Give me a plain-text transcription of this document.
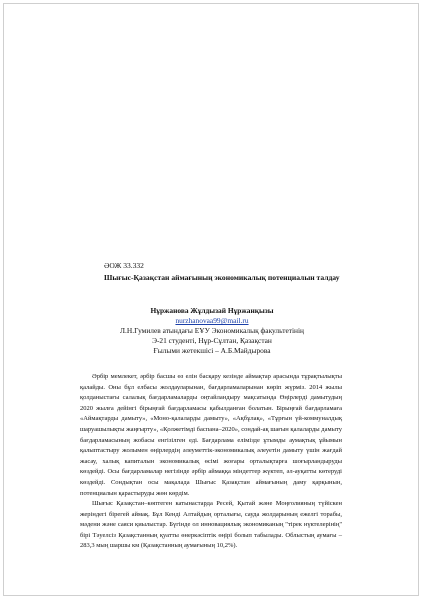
ӘОЖ 33.332
Шығыс-Қазақстан аймағының экономикалық потенциалын талдау
Нұржанова Жұлдызай Нұржанқызы
nurzhanovaa99@mail.ru
Л.Н.Гумилев атындағы ЕҰУ Экономикалық факультетінің
Э-21 студенті, Нұр-Сұлтан, Қазақстан
Ғылыми жетекшісі – А.Б.Майдырова

Әрбір мемлекет, әрбір басшы өз елін басқару кезінде аймақтар арасында тұрақтылықты қалайды. Оны бұл елбасы жолдауларынан, бағдарламаларынан көріп жүрміз. 2014 жылы қолданыстағы салалық бағдарламаларды оңтайландыру мақсатында Өңірлерді дамытудың 2020 жылға дейінгі бірыңғай бағдарламасы қабылданған болатын. Бірыңғай бағдарламаға «Аймақтарды дамыту», «Моно-қалаларды дамыту», «Ақбұлақ», «Тұрғын үй-коммуналдық шаруашылықты жаңғырту», «Қолжетімді баспана–2020», сондай-ақ шағын қалаларды дамыту бағдарламасының жобасы енгізілген еді. Бағдарлама елімізде ұтымды аумақтық ұйымын қалыптастыру жолымен өңірлердің әлеуметтік-экономикалық әлеуетін дамыту үшін жағдай жасау, халық капиталын экономикалық өсімі жоғары орталықтарға шоғырландыруды көздейді. Осы бағдарламалар негізінде әрбір аймаққа міндеттер жүктеп, әл-ауқатты көтеруді көздейді. Сондықтан осы мақалада Шығыс Қазақстан аймағының даму қарқынын, потенциалын қарастыруды жөн көрдім.

Шығыс Қазақстан–көптеген катынастарда Ресей, Қытай және Моңғолияның түйіскен жеріндегі бірегей аймақ. Бұл Кендi Алтайдың орталығы, сауда жолдарының ежелгі торабы, мәдени және саяси қиылыстар. Бүгінде ол инновациялық экономиканың "тірек нүктелерінің" бірі Тәуелсіз Қазақстанның қуатты өнеркәсіптік өңірі болып табылады. Облыстың аумағы – 283,3 мың шаршы км (Қазақстанның аумағының 10,2%).
